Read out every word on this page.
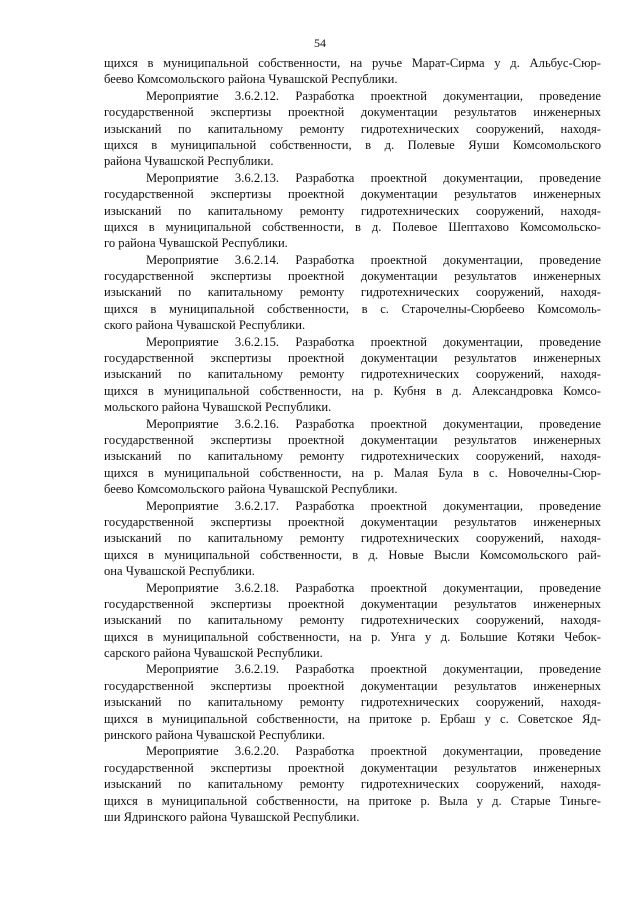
54
щихся в муниципальной собственности, на ручье Марат-Сирма у д. Альбус-Сюр-
беево Комсомольского района Чувашской Республики.
Мероприятие 3.6.2.12. Разработка проектной документации, проведение
государственной экспертизы проектной документации результатов инженерных
изысканий по капитальному ремонту гидротехнических сооружений, находя-
щихся в муниципальной собственности, в д. Полевые Яуши Комсомольского
района Чувашской Республики.
Мероприятие 3.6.2.13. Разработка проектной документации, проведение
государственной экспертизы проектной документации результатов инженерных
изысканий по капитальному ремонту гидротехнических сооружений, находя-
щихся в муниципальной собственности, в д. Полевое Шептахово Комсомольско-
го района Чувашской Республики.
Мероприятие 3.6.2.14. Разработка проектной документации, проведение
государственной экспертизы проектной документации результатов инженерных
изысканий по капитальному ремонту гидротехнических сооружений, находя-
щихся в муниципальной собственности, в с. Старочелны-Сюрбеево Комсомоль-
ского района Чувашской Республики.
Мероприятие 3.6.2.15. Разработка проектной документации, проведение
государственной экспертизы проектной документации результатов инженерных
изысканий по капитальному ремонту гидротехнических сооружений, находя-
щихся в муниципальной собственности, на р. Кубня в д. Александровка Комсо-
мольского района Чувашской Республики.
Мероприятие 3.6.2.16. Разработка проектной документации, проведение
государственной экспертизы проектной документации результатов инженерных
изысканий по капитальному ремонту гидротехнических сооружений, находя-
щихся в муниципальной собственности, на р. Малая Була в с. Новочелны-Сюр-
беево Комсомольского района Чувашской Республики.
Мероприятие 3.6.2.17. Разработка проектной документации, проведение
государственной экспертизы проектной документации результатов инженерных
изысканий по капитальному ремонту гидротехнических сооружений, находя-
щихся в муниципальной собственности, в д. Новые Высли Комсомольского рай-
она Чувашской Республики.
Мероприятие 3.6.2.18. Разработка проектной документации, проведение
государственной экспертизы проектной документации результатов инженерных
изысканий по капитальному ремонту гидротехнических сооружений, находя-
щихся в муниципальной собственности, на р. Унга у д. Большие Котяки Чебок-
сарского района Чувашской Республики.
Мероприятие 3.6.2.19. Разработка проектной документации, проведение
государственной экспертизы проектной документации результатов инженерных
изысканий по капитальному ремонту гидротехнических сооружений, находя-
щихся в муниципальной собственности, на притоке р. Ербаш у с. Советское Яд-
ринского района Чувашской Республики.
Мероприятие 3.6.2.20. Разработка проектной документации, проведение
государственной экспертизы проектной документации результатов инженерных
изысканий по капитальному ремонту гидротехнических сооружений, находя-
щихся в муниципальной собственности, на притоке р. Выла у д. Старые Тиньге-
ши Ядринского района Чувашской Республики.
